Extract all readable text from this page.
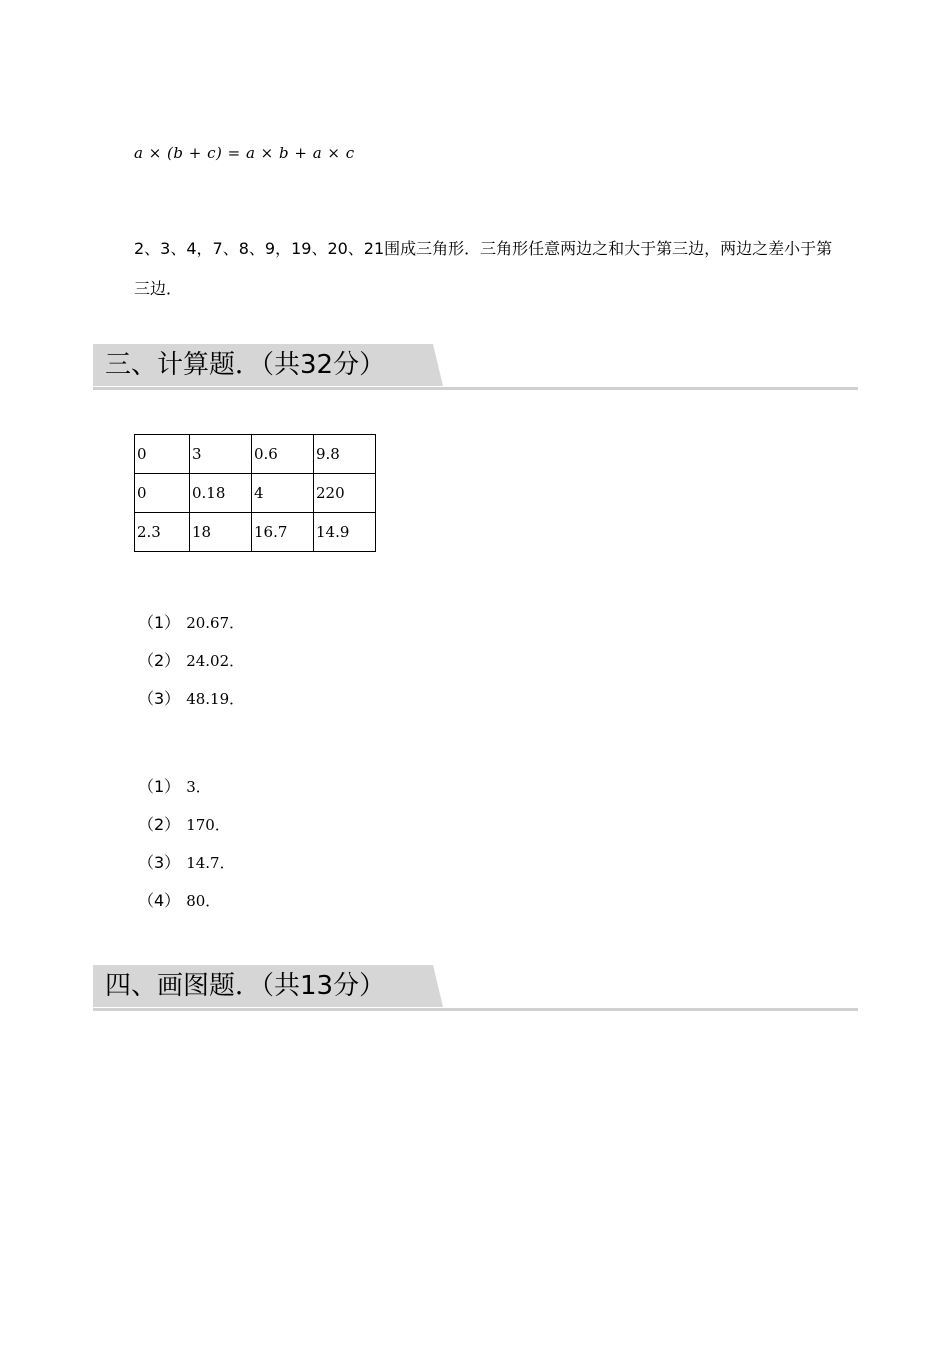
a × (b + c) = a × b + a × c
2、3、4，7、8、9，19、20、21围成三角形．三角形任意两边之和大于第三边，两边之差小于第三边．
三、计算题．（共32分）
0	3	0.6	9.8
0	0.18	4	220
2.3	18	16.7	14.9
（1） 20.67．
（2） 24.02．
（3） 48.19．
（1） 3．
（2） 170．
（3） 14.7．
（4） 80．
四、画图题．（共13分）
